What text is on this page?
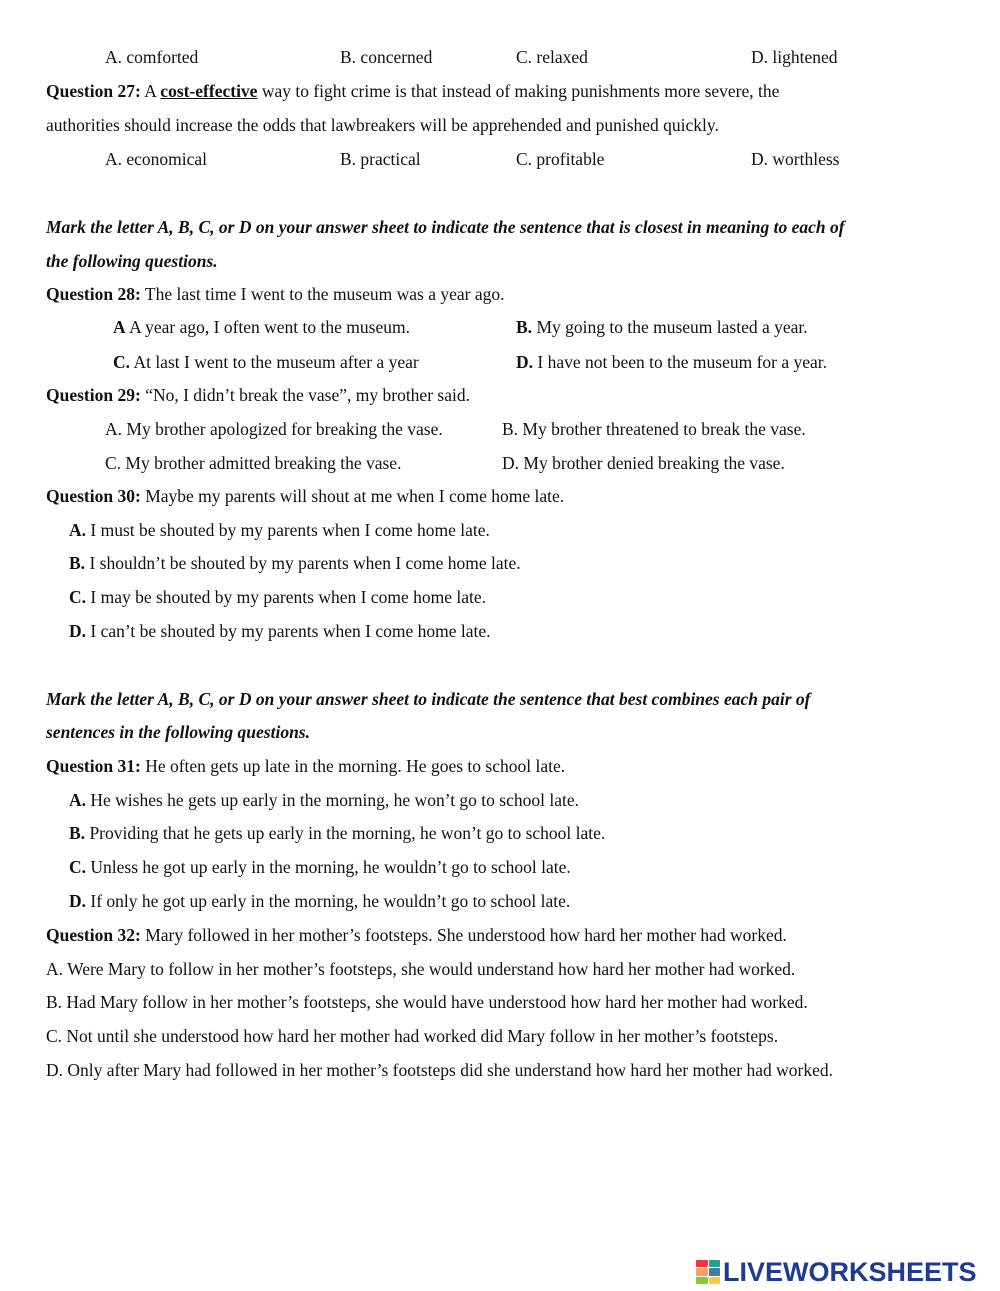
A. comforted	B. concerned	C. relaxed	D. lightened
Question 27: A cost-effective way to fight crime is that instead of making punishments more severe, the
authorities should increase the odds that lawbreakers will be apprehended and punished quickly.
A. economical	B. practical	C. profitable	D. worthless
Mark the letter A, B, C, or D on your answer sheet to indicate the sentence that is closest in meaning to each of
the following questions.
Question 28: The last time I went to the museum was a year ago.
A A year ago, I often went to the museum.	B. My going to the museum lasted a year.
C. At last I went to the museum after a year	D. I have not been to the museum for a year.
Question 29: “No, I didn’t break the vase”, my brother said.
A. My brother apologized for breaking the vase.	B. My brother threatened to break the vase.
C. My brother admitted breaking the vase.	D. My brother denied breaking the vase.
Question 30: Maybe my parents will shout at me when I come home late.
A. I must be shouted by my parents when I come home late.
B. I shouldn’t be shouted by my parents when I come home late.
C. I may be shouted by my parents when I come home late.
D. I can’t be shouted by my parents when I come home late.
Mark the letter A, B, C, or D on your answer sheet to indicate the sentence that best combines each pair of
sentences in the following questions.
Question 31: He often gets up late in the morning. He goes to school late.
A. He wishes he gets up early in the morning, he won’t go to school late.
B. Providing that he gets up early in the morning, he won’t go to school late.
C. Unless he got up early in the morning, he wouldn’t go to school late.
D. If only he got up early in the morning, he wouldn’t go to school late.
Question 32: Mary followed in her mother’s footsteps. She understood how hard her mother had worked.
A. Were Mary to follow in her mother’s footsteps, she would understand how hard her mother had worked.
B. Had Mary follow in her mother’s footsteps, she would have understood how hard her mother had worked.
C. Not until she understood how hard her mother had worked did Mary follow in her mother’s footsteps.
D. Only after Mary had followed in her mother’s footsteps did she understand how hard her mother had worked.
LIVEWORKSHEETS
